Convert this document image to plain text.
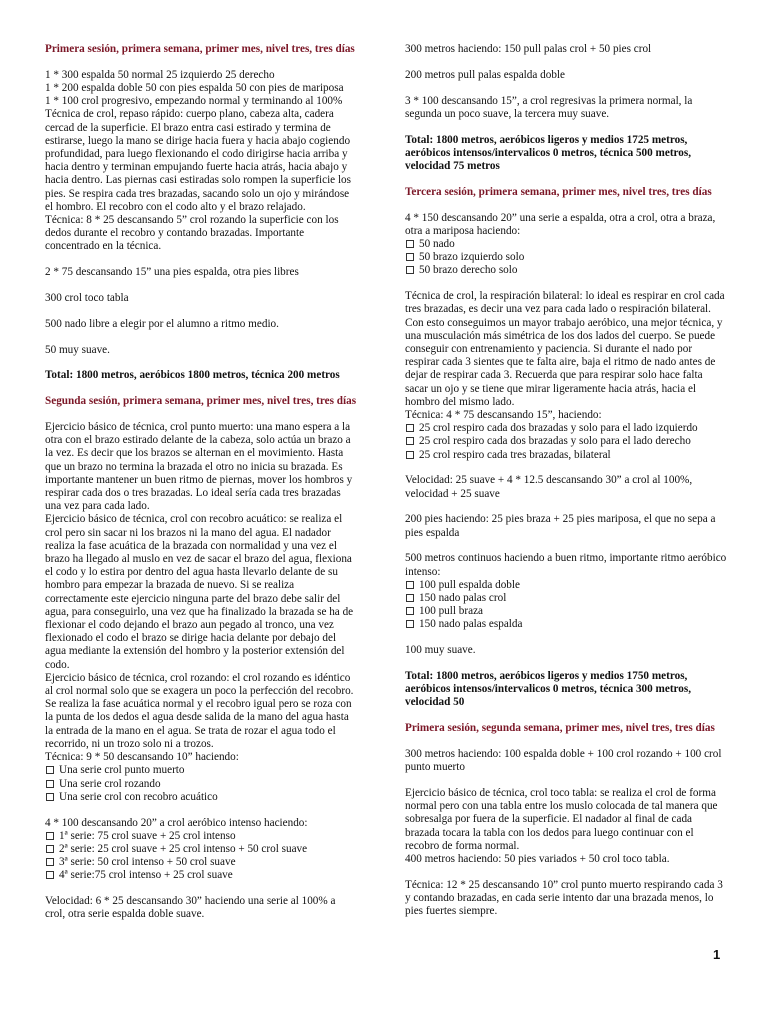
Primera sesión, primera semana, primer mes, nivel tres, tres días
1 * 300 espalda 50 normal 25 izquierdo 25 derecho
1 * 200 espalda doble 50 con pies espalda 50 con pies de mariposa
1 * 100 crol progresivo, empezando normal y terminando al 100%
Técnica de crol, repaso rápido: cuerpo plano, cabeza alta, cadera cercad de la superficie. El brazo entra casi estirado y termina de estirarse, luego la mano se dirige hacia fuera y hacia abajo cogiendo profundidad, para luego flexionando el codo dirigirse hacia arriba y hacia dentro y terminan empujando fuerte hacia atrás, hacia abajo y hacia dentro. Las piernas casi estiradas solo rompen la superficie los pies. Se respira cada tres brazadas, sacando solo un ojo y mirándose el hombro. El recobro con el codo alto y el brazo relajado.
Técnica: 8 * 25 descansando 5” crol rozando la superficie con los dedos durante el recobro y contando brazadas. Importante concentrado en la técnica.
2 * 75 descansando 15” una pies espalda, otra pies libres
300 crol toco tabla
500 nado libre a elegir por el alumno a ritmo medio.
50 muy suave.
Total: 1800 metros, aeróbicos 1800 metros, técnica 200 metros
Segunda sesión, primera semana, primer mes, nivel tres, tres días
Ejercicio básico de técnica, crol punto muerto: una mano espera a la otra con el brazo estirado delante de la cabeza, solo actúa un brazo a la vez. Es decir que los brazos se alternan en el movimiento. Hasta que un brazo no termina la brazada el otro no inicia su brazada. Es importante mantener un buen ritmo de piernas, mover los hombros y respirar cada dos o tres brazadas. Lo ideal sería cada tres brazadas una vez para cada lado.
Ejercicio básico de técnica, crol con recobro acuático: se realiza el crol pero sin sacar ni los brazos ni la mano del agua. El nadador realiza la fase acuática de la brazada con normalidad y una vez el brazo ha llegado al muslo en vez de sacar el brazo del agua, flexiona el codo y lo estira por dentro del agua hasta llevarlo delante de su hombro para empezar la brazada de nuevo. Si se realiza correctamente este ejercicio ninguna parte del brazo debe salir del agua, para conseguirlo, una vez que ha finalizado la brazada se ha de flexionar el codo dejando el brazo aun pegado al tronco, una vez flexionado el codo el brazo se dirige hacia delante por debajo del agua mediante la extensión del hombro y la posterior extensión del codo.
Ejercicio básico de técnica, crol rozando: el crol rozando es idéntico al crol normal solo que se exagera un poco la perfección del recobro. Se realiza la fase acuática normal y el recobro igual pero se roza con la punta de los dedos el agua desde salida de la mano del agua hasta la entrada de la mano en el agua. Se trata de rozar el agua todo el recorrido, ni un trozo solo ni a trozos.
Técnica: 9 * 50 descansando 10” haciendo:
Una serie crol punto muerto
Una serie crol rozando
Una serie crol con recobro acuático
4 * 100 descansando 20” a crol aeróbico intenso haciendo:
1ª serie: 75 crol suave + 25 crol intenso
2ª serie: 25 crol suave + 25 crol intenso + 50 crol suave
3ª serie: 50 crol intenso + 50 crol suave
4ª serie:75 crol intenso + 25 crol suave
Velocidad: 6 * 25 descansando 30” haciendo una serie al 100% a crol, otra serie espalda doble suave.
300 metros haciendo: 150 pull palas crol + 50 pies crol
200 metros pull palas espalda doble
3 * 100 descansando 15”, a crol regresivas la primera normal, la segunda un poco suave, la tercera muy suave.
Total: 1800 metros, aeróbicos ligeros y medios 1725 metros, aeróbicos intensos/intervalicos 0 metros, técnica 500 metros, velocidad 75 metros
Tercera sesión, primera semana, primer mes, nivel tres, tres días
4 * 150 descansando 20” una serie a espalda, otra a crol, otra a braza, otra a mariposa haciendo:
50 nado
50 brazo izquierdo solo
50 brazo derecho solo
Técnica de crol, la respiración bilateral: lo ideal es respirar en crol cada tres brazadas, es decir una vez para cada lado o respiración bilateral. Con esto conseguimos un mayor trabajo aeróbico, una mejor técnica, y una musculación más simétrica de los dos lados del cuerpo. Se puede conseguir con entrenamiento y paciencia. Si durante el nado por respirar cada 3 sientes que te falta aire, baja el ritmo de nado antes de dejar de respirar cada 3. Recuerda que para respirar solo hace falta sacar un ojo y se tiene que mirar ligeramente hacia atrás, hacia el hombro del mismo lado.
Técnica: 4 * 75 descansando 15”, haciendo:
25 crol respiro cada dos brazadas y solo para el lado izquierdo
25 crol respiro cada dos brazadas y solo para el lado derecho
25 crol respiro cada tres brazadas, bilateral
Velocidad: 25 suave + 4 * 12.5 descansando 30” a crol al 100%, velocidad + 25 suave
200 pies haciendo: 25 pies braza + 25 pies mariposa, el que no sepa a pies espalda
500 metros continuos haciendo a buen ritmo, importante ritmo aeróbico intenso:
100 pull espalda doble
150 nado palas crol
100 pull braza
150 nado palas espalda
100 muy suave.
Total: 1800 metros, aeróbicos ligeros y medios 1750 metros, aeróbicos intensos/intervalicos 0 metros, técnica 300 metros, velocidad 50
Primera sesión, segunda semana, primer mes, nivel tres, tres días
300 metros haciendo: 100 espalda doble + 100 crol rozando + 100 crol punto muerto
Ejercicio básico de técnica, crol toco tabla: se realiza el crol de forma normal pero con una tabla entre los muslo colocada de tal manera que sobresalga por fuera de la superficie. El nadador al final de cada brazada tocara la tabla con los dedos para luego continuar con el recobro de forma normal.
400 metros haciendo: 50 pies variados + 50 crol toco tabla.
Técnica: 12 * 25 descansando 10” crol punto muerto respirando cada 3 y contando brazadas, en cada serie intento dar una brazada menos, lo pies fuertes siempre.
1
